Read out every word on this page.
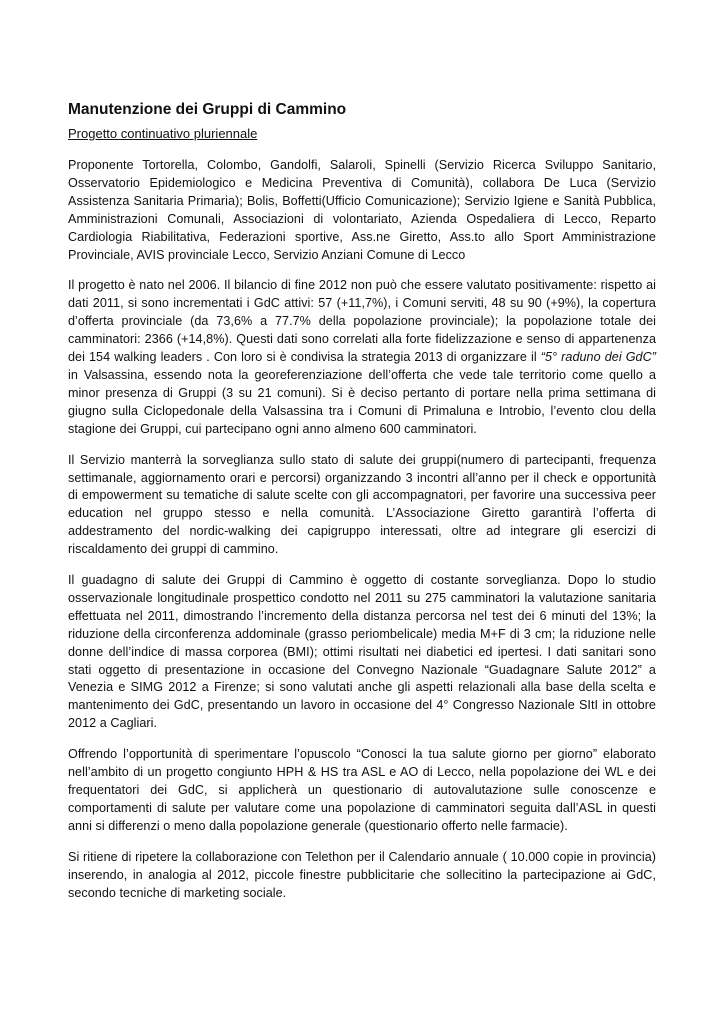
Manutenzione dei Gruppi di Cammino
Progetto continuativo pluriennale

Proponente Tortorella, Colombo, Gandolfi, Salaroli, Spinelli (Servizio Ricerca Sviluppo Sanitario, Osservatorio Epidemiologico e Medicina Preventiva di Comunità), collabora De Luca (Servizio Assistenza Sanitaria Primaria); Bolis, Boffetti(Ufficio Comunicazione); Servizio Igiene e Sanità Pubblica, Amministrazioni Comunali, Associazioni di volontariato, Azienda Ospedaliera di Lecco, Reparto Cardiologia Riabilitativa, Federazioni sportive, Ass.ne Giretto, Ass.to allo Sport Amministrazione Provinciale, AVIS provinciale Lecco, Servizio Anziani Comune di Lecco

Il progetto è nato nel 2006. Il bilancio di fine 2012 non può che essere valutato positivamente: rispetto ai dati 2011, si sono incrementati i GdC attivi: 57 (+11,7%), i Comuni serviti, 48 su 90 (+9%), la copertura d’offerta provinciale (da 73,6% a 77.7% della popolazione provinciale); la popolazione totale dei camminatori: 2366 (+14,8%). Questi dati sono correlati alla forte fidelizzazione e senso di appartenenza dei 154 walking leaders . Con loro si è condivisa la strategia 2013 di organizzare il “5° raduno dei GdC” in Valsassina, essendo nota la georeferenziazione dell’offerta che vede tale territorio come quello a minor presenza di Gruppi (3 su 21 comuni). Si è deciso pertanto di portare nella prima settimana di giugno sulla Ciclopedonale della Valsassina tra i Comuni di Primaluna e Introbio, l’evento clou della stagione dei Gruppi, cui partecipano ogni anno almeno 600 camminatori.

Il Servizio manterrà la sorveglianza sullo stato di salute dei gruppi(numero di partecipanti, frequenza settimanale, aggiornamento orari e percorsi) organizzando 3 incontri all’anno per il check e opportunità di empowerment su tematiche di salute scelte con gli accompagnatori, per favorire una successiva peer education nel gruppo stesso e nella comunità. L’Associazione Giretto garantirà l’offerta di addestramento del nordic-walking dei capigruppo interessati, oltre ad integrare gli esercizi di riscaldamento dei gruppi di cammino.

Il guadagno di salute dei Gruppi di Cammino è oggetto di costante sorveglianza. Dopo lo studio osservazionale longitudinale prospettico condotto nel 2011 su 275 camminatori la valutazione sanitaria effettuata nel 2011, dimostrando l’incremento della distanza percorsa nel test dei 6 minuti del 13%; la riduzione della circonferenza addominale (grasso periombelicale) media M+F di 3 cm; la riduzione nelle donne dell’indice di massa corporea (BMI); ottimi risultati nei diabetici ed ipertesi. I dati sanitari sono stati oggetto di presentazione in occasione del Convegno Nazionale “Guadagnare Salute 2012” a Venezia e SIMG 2012 a Firenze; si sono valutati anche gli aspetti relazionali alla base della scelta e mantenimento dei GdC, presentando un lavoro in occasione del 4° Congresso Nazionale SItI in ottobre 2012 a Cagliari.

Offrendo l’opportunità di sperimentare l’opuscolo “Conosci la tua salute giorno per giorno” elaborato nell’ambito di un progetto congiunto HPH & HS tra ASL e AO di Lecco, nella popolazione dei WL e dei frequentatori dei GdC, si applicherà un questionario di autovalutazione sulle conoscenze e comportamenti di salute per valutare come una popolazione di camminatori seguita dall’ASL in questi anni si differenzi o meno dalla popolazione generale (questionario offerto nelle farmacie).

Si ritiene di ripetere la collaborazione con Telethon per il Calendario annuale ( 10.000 copie in provincia) inserendo, in analogia al 2012, piccole finestre pubblicitarie che sollecitino la partecipazione ai GdC, secondo tecniche di marketing sociale.
